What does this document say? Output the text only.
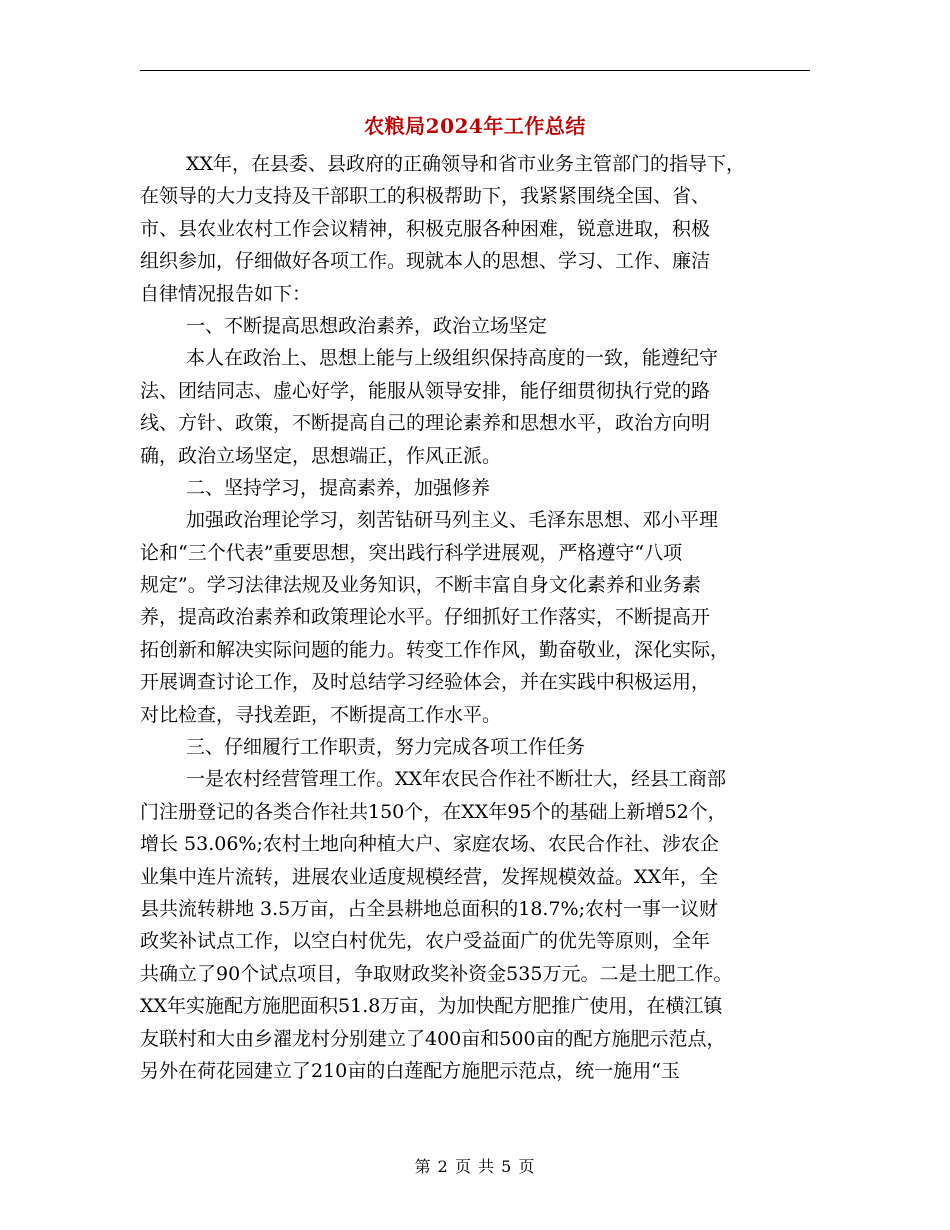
农粮局2024年工作总结
XX年，在县委、县政府的正确领导和省市业务主管部门的指导下，
在领导的大力支持及干部职工的积极帮助下，我紧紧围绕全国、省、
市、县农业农村工作会议精神，积极克服各种困难，锐意进取，积极
组织参加，仔细做好各项工作。现就本人的思想、学习、工作、廉洁
自律情况报告如下：
一、不断提高思想政治素养，政治立场坚定
本人在政治上、思想上能与上级组织保持高度的一致，能遵纪守
法、团结同志、虚心好学，能服从领导安排，能仔细贯彻执行党的路
线、方针、政策，不断提高自己的理论素养和思想水平，政治方向明
确，政治立场坚定，思想端正，作风正派。
二、坚持学习，提高素养，加强修养
加强政治理论学习，刻苦钻研马列主义、毛泽东思想、邓小平理
论和“三个代表”重要思想，突出践行科学进展观，严格遵守“八项
规定”。学习法律法规及业务知识，不断丰富自身文化素养和业务素
养，提高政治素养和政策理论水平。仔细抓好工作落实，不断提高开
拓创新和解决实际问题的能力。转变工作作风，勤奋敬业，深化实际，
开展调查讨论工作，及时总结学习经验体会，并在实践中积极运用，
对比检查，寻找差距，不断提高工作水平。
三、仔细履行工作职责，努力完成各项工作任务
一是农村经营管理工作。XX年农民合作社不断壮大，经县工商部
门注册登记的各类合作社共150个，在XX年95个的基础上新增52个，
增长 53.06%;农村土地向种植大户、家庭农场、农民合作社、涉农企
业集中连片流转，进展农业适度规模经营，发挥规模效益。XX年，全
县共流转耕地 3.5万亩，占全县耕地总面积的18.7%;农村一事一议财
政奖补试点工作，以空白村优先，农户受益面广的优先等原则，全年
共确立了90个试点项目，争取财政奖补资金535万元。二是土肥工作。
XX年实施配方施肥面积51.8万亩，为加快配方肥推广使用，在横江镇
友联村和大由乡濯龙村分别建立了400亩和500亩的配方施肥示范点，
另外在荷花园建立了210亩的白莲配方施肥示范点，统一施用“玉
第 2 页 共 5 页
